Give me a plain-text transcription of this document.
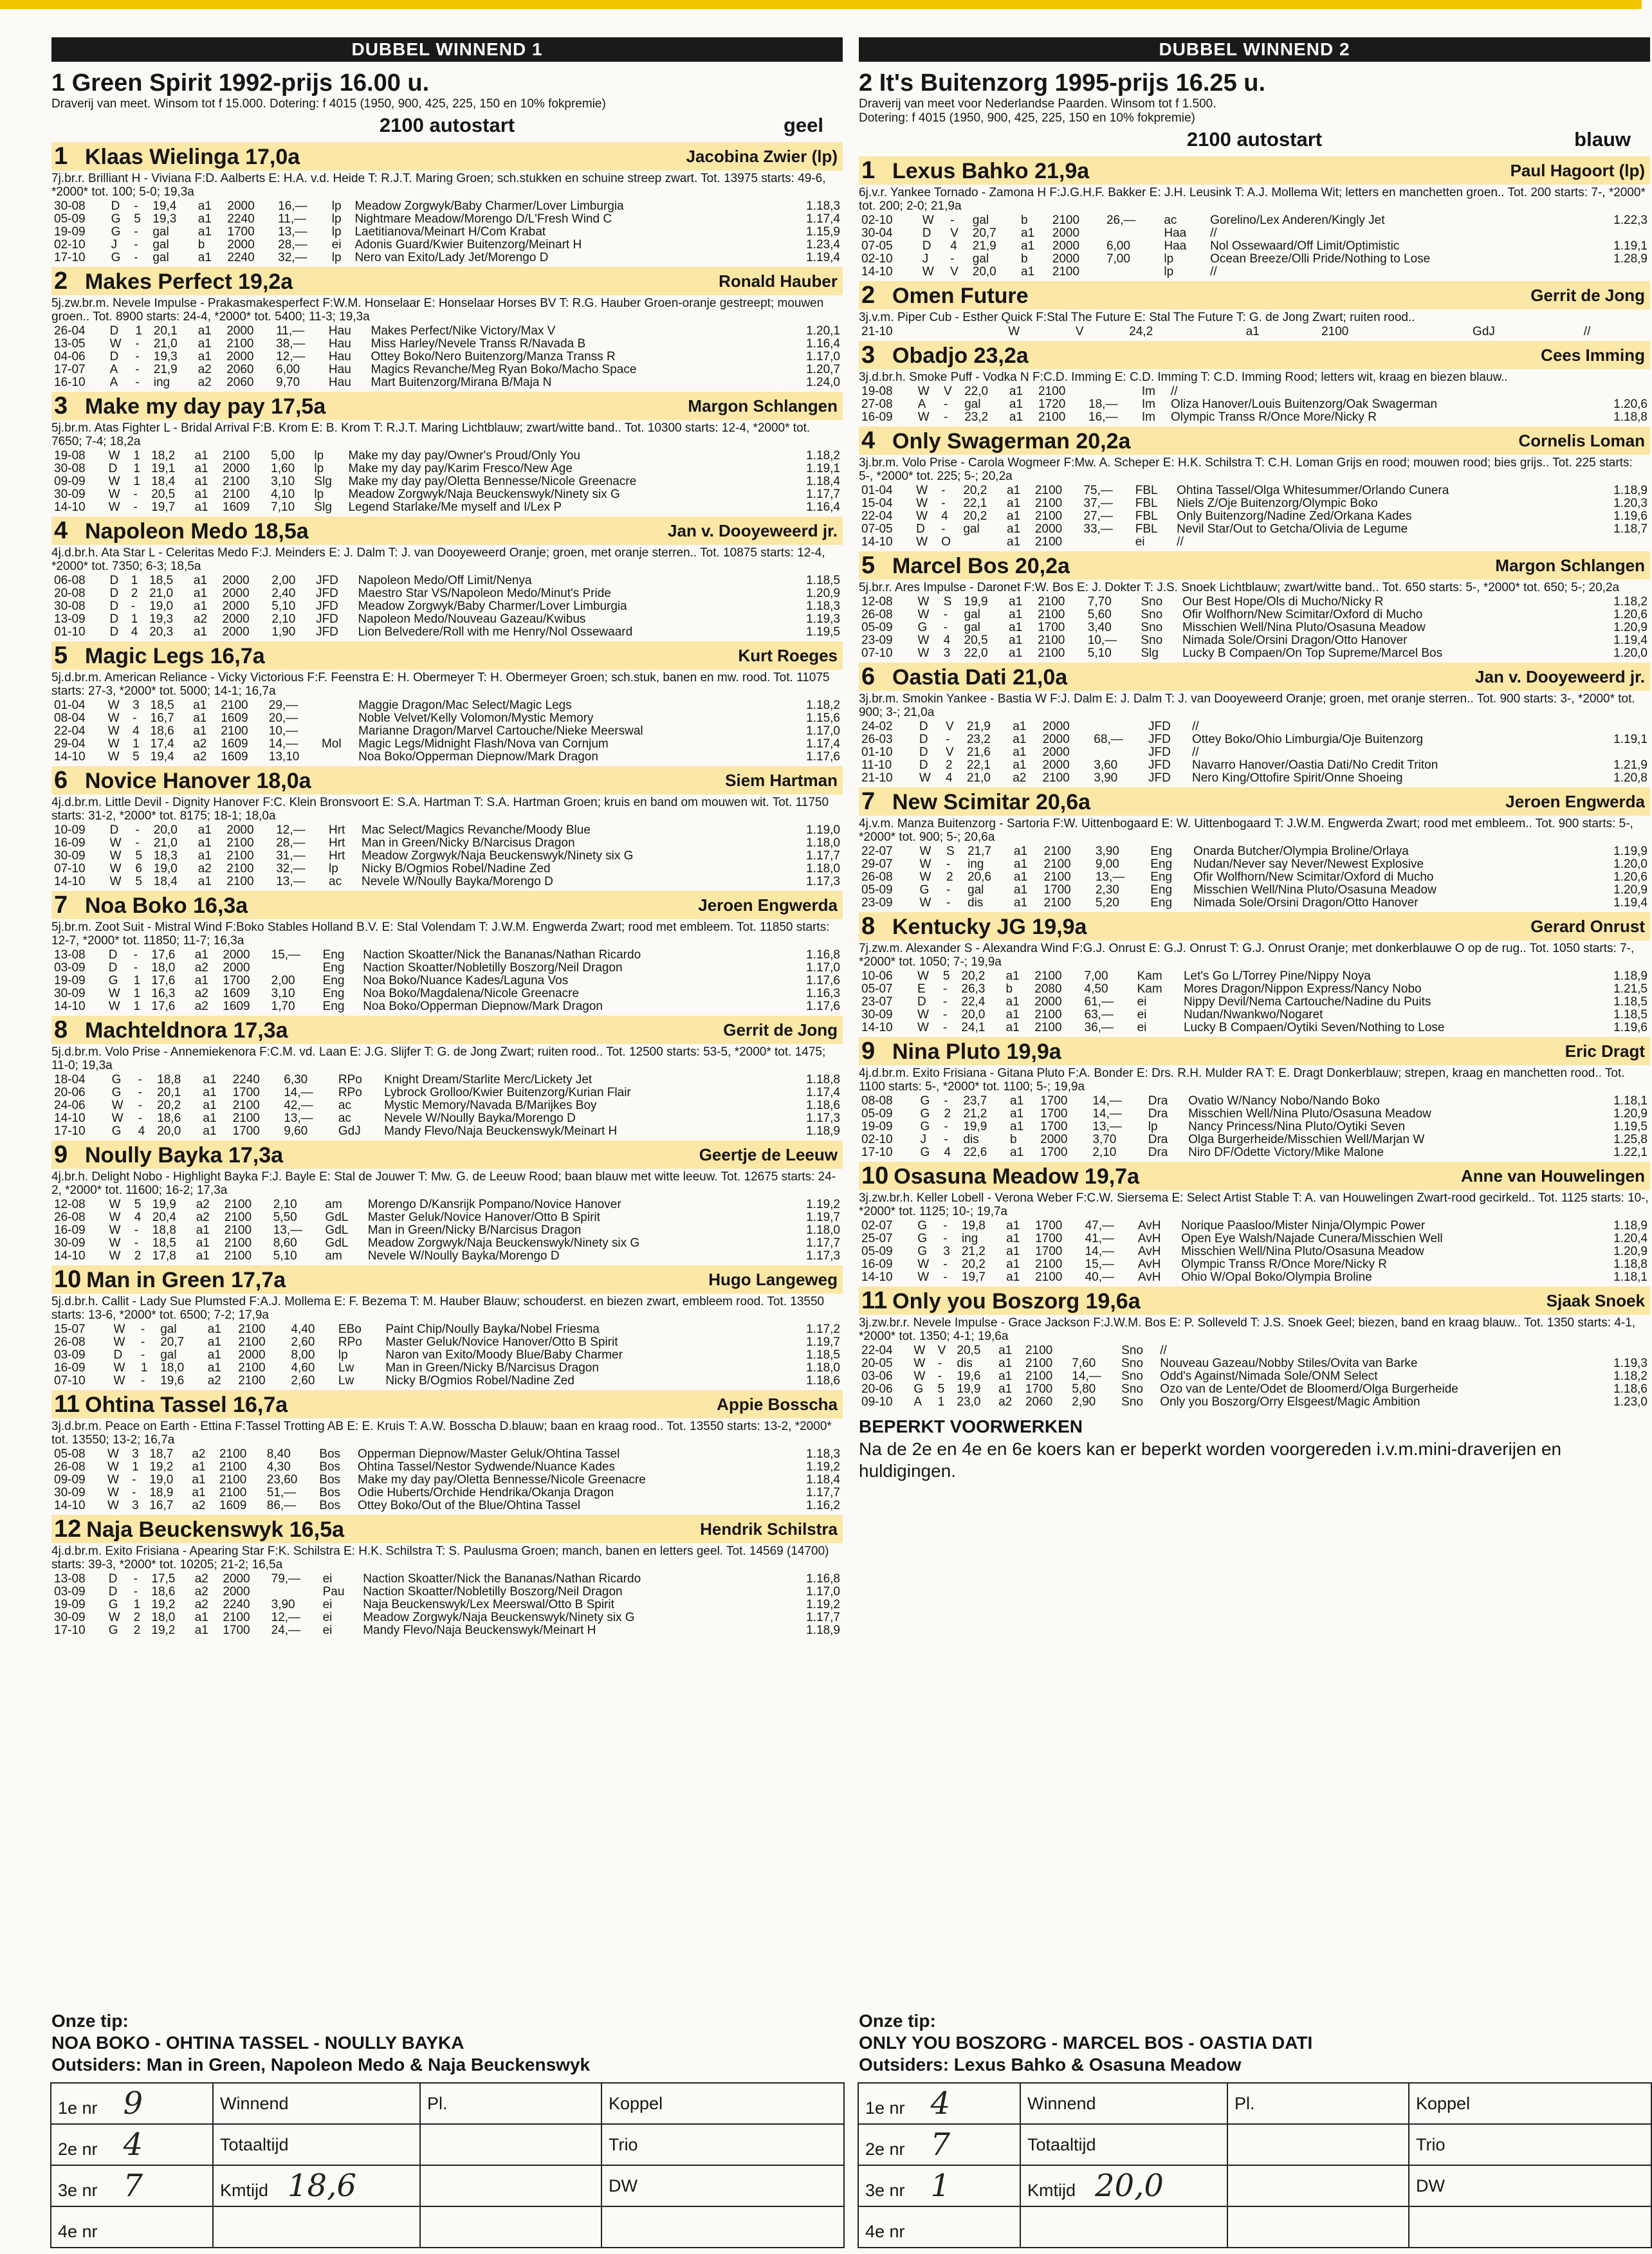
DUBBEL WINNEND 1
1 Green Spirit 1992-prijs 16.00 u.
Draverij van meet. Winsom tot f 15.000. Dotering: f 4015 (1950, 900, 425, 225, 150 en 10% fokpremie)
2100 autostart	geel
1 Klaas Wielinga 17,0a	Jacobina Zwier (lp)
7j.br.r. Brilliant H - Viviana F:D. Aalberts E: H.A. v.d. Heide T: R.J.T. Maring Groen; sch.stukken en schuine streep zwart. Tot. 13975 starts: 49-6, *2000* tot. 100; 5-0; 19,3a
30-08	D	-	19,4	a1	2000	16,—	lp	Meadow Zorgwyk/Baby Charmer/Lover Limburgia	1.18,3
05-09	G	5	19,3	a1	2240	11,—	lp	Nightmare Meadow/Morengo D/L'Fresh Wind C	1.17,4
19-09	G	-	gal	a1	1700	13,—	lp	Laetitianova/Meinart H/Com Krabat	1.15,9
02-10	J	-	gal	b	2000	28,—	ei	Adonis Guard/Kwier Buitenzorg/Meinart H	1.23,4
17-10	G	-	gal	a1	2240	32,—	lp	Nero van Exito/Lady Jet/Morengo D	1.19,4
2 Makes Perfect 19,2a	Ronald Hauber
5j.zw.br.m. Nevele Impulse - Prakasmakesperfect F:W.M. Honselaar E: Honselaar Horses BV T: R.G. Hauber Groen-oranje gestreept; mouwen groen.. Tot. 8900 starts: 24-4, *2000* tot. 5400; 11-3; 19,3a
26-04	D	1	20,1	a1	2000	11,—	Hau	Makes Perfect/Nike Victory/Max V	1.20,1
13-05	W	-	21,0	a1	2100	38,—	Hau	Miss Harley/Nevele Transs R/Navada B	1.16,4
04-06	D	-	19,3	a1	2000	12,—	Hau	Ottey Boko/Nero Buitenzorg/Manza Transs R	1.17,0
17-07	A	-	21,9	a2	2060	6,00	Hau	Magics Revanche/Meg Ryan Boko/Macho Space	1.20,7
16-10	A	-	ing	a2	2060	9,70	Hau	Mart Buitenzorg/Mirana B/Maja N	1.24,0
3 Make my day pay 17,5a	Margon Schlangen
5j.br.m. Atas Fighter L - Bridal Arrival F:B. Krom E: B. Krom T: R.J.T. Maring Lichtblauw; zwart/witte band.. Tot. 10300 starts: 12-4, *2000* tot. 7650; 7-4; 18,2a
19-08	W	1	18,2	a1	2100	5,00	lp	Make my day pay/Owner's Proud/Only You	1.18,2
30-08	D	1	19,1	a1	2000	1,60	lp	Make my day pay/Karim Fresco/New Age	1.19,1
09-09	W	1	18,4	a1	2100	3,10	Slg	Make my day pay/Oletta Bennesse/Nicole Greenacre	1.18,4
30-09	W	-	20,5	a1	2100	4,10	lp	Meadow Zorgwyk/Naja Beuckenswyk/Ninety six G	1.17,7
14-10	W	-	19,7	a1	1609	7,10	Slg	Legend Starlake/Me myself and I/Lex P	1.16,4
4 Napoleon Medo 18,5a	Jan v. Dooyeweerd jr.
4j.d.br.h. Ata Star L - Celeritas Medo F:J. Meinders E: J. Dalm T: J. van Dooyeweerd Oranje; groen, met oranje sterren.. Tot. 10875 starts: 12-4, *2000* tot. 7350; 6-3; 18,5a
06-08	D	1	18,5	a1	2000	2,00	JFD	Napoleon Medo/Off Limit/Nenya	1.18,5
20-08	D	2	21,0	a1	2000	2,40	JFD	Maestro Star VS/Napoleon Medo/Minut's Pride	1.20,9
30-08	D	-	19,0	a1	2000	5,10	JFD	Meadow Zorgwyk/Baby Charmer/Lover Limburgia	1.18,3
13-09	D	1	19,3	a2	2000	2,10	JFD	Napoleon Medo/Nouveau Gazeau/Kwibus	1.19,3
01-10	D	4	20,3	a1	2000	1,90	JFD	Lion Belvedere/Roll with me Henry/Nol Ossewaard	1.19,5
5 Magic Legs 16,7a	Kurt Roeges
5j.d.br.m. American Reliance - Vicky Victorious F:F. Feenstra E: H. Obermeyer T: H. Obermeyer Groen; sch.stuk, banen en mw. rood. Tot. 11075 starts: 27-3, *2000* tot. 5000; 14-1; 16,7a
01-04	W	3	18,5	a1	2100	29,—		Maggie Dragon/Mac Select/Magic Legs	1.18,2
08-04	W	-	16,7	a1	1609	20,—		Noble Velvet/Kelly Volomon/Mystic Memory	1.15,6
22-04	W	4	18,6	a1	2100	10,—		Marianne Dragon/Marvel Cartouche/Nieke Meerswal	1.17,0
29-04	W	1	17,4	a2	1609	14,—	Mol	Magic Legs/Midnight Flash/Nova van Cornjum	1.17,4
14-10	W	5	19,4	a2	1609	13,10		Noa Boko/Opperman Diepnow/Mark Dragon	1.17,6
6 Novice Hanover 18,0a	Siem Hartman
4j.d.br.m. Little Devil - Dignity Hanover F:C. Klein Bronsvoort E: S.A. Hartman T: S.A. Hartman Groen; kruis en band om mouwen wit. Tot. 11750 starts: 31-2, *2000* tot. 8175; 18-1; 18,0a
10-09	D	-	20,0	a1	2000	12,—	Hrt	Mac Select/Magics Revanche/Moody Blue	1.19,0
16-09	W	-	21,0	a1	2100	28,—	Hrt	Man in Green/Nicky B/Narcisus Dragon	1.18,0
30-09	W	5	18,3	a1	2100	31,—	Hrt	Meadow Zorgwyk/Naja Beuckenswyk/Ninety six G	1.17,7
07-10	W	6	19,0	a2	2100	32,—	lp	Nicky B/Ogmios Robel/Nadine Zed	1.18,0
14-10	W	5	18,4	a1	2100	13,—	ac	Nevele W/Noully Bayka/Morengo D	1.17,3
7 Noa Boko 16,3a	Jeroen Engwerda
5j.br.m. Zoot Suit - Mistral Wind F:Boko Stables Holland B.V. E: Stal Volendam T: J.W.M. Engwerda Zwart; rood met embleem. Tot. 11850 starts: 12-7, *2000* tot. 11850; 11-7; 16,3a
13-08	D	-	17,6	a1	2000	15,—	Eng	Naction Skoatter/Nick the Bananas/Nathan Ricardo	1.16,8
03-09	D	-	18,0	a2	2000		Eng	Naction Skoatter/Nobletilly Boszorg/Neil Dragon	1.17,0
19-09	G	1	17,6	a1	1700	2,00	Eng	Noa Boko/Nuance Kades/Laguna Vos	1.17,6
30-09	W	1	16,3	a2	1609	3,10	Eng	Noa Boko/Magdalena/Nicole Greenacre	1.16,3
14-10	W	1	17,6	a2	1609	1,70	Eng	Noa Boko/Opperman Diepnow/Mark Dragon	1.17,6
8 Machteldnora 17,3a	Gerrit de Jong
5j.d.br.m. Volo Prise - Annemiekenora F:C.M. vd. Laan E: J.G. Slijfer T: G. de Jong Zwart; ruiten rood.. Tot. 12500 starts: 53-5, *2000* tot. 1475; 11-0; 19,3a
18-04	G	-	18,8	a1	2240	6,30	RPo	Knight Dream/Starlite Merc/Lickety Jet	1.18,8
20-06	G	-	20,1	a1	1700	14,—	RPo	Lybrock Grolloo/Kwier Buitenzorg/Kurian Flair	1.17,4
24-06	W	-	20,2	a1	2100	42,—	ac	Mystic Memory/Navada B/Marijkes Boy	1.18,6
14-10	W	-	18,6	a1	2100	13,—	ac	Nevele W/Noully Bayka/Morengo D	1.17,3
17-10	G	4	20,0	a1	1700	9,60	GdJ	Mandy Flevo/Naja Beuckenswyk/Meinart H	1.18,9
9 Noully Bayka 17,3a	Geertje de Leeuw
4j.br.h. Delight Nobo - Highlight Bayka F:J. Bayle E: Stal de Jouwer T: Mw. G. de Leeuw Rood; baan blauw met witte leeuw. Tot. 12675 starts: 24-2, *2000* tot. 11600; 16-2; 17,3a
12-08	W	5	19,9	a2	2100	2,10	am	Morengo D/Kansrijk Pompano/Novice Hanover	1.19,2
26-08	W	4	20,4	a2	2100	5,50	GdL	Master Geluk/Novice Hanover/Otto B Spirit	1.19,7
16-09	W	-	18,8	a1	2100	13,—	GdL	Man in Green/Nicky B/Narcisus Dragon	1.18,0
30-09	W	-	18,5	a1	2100	8,60	GdL	Meadow Zorgwyk/Naja Beuckenswyk/Ninety six G	1.17,7
14-10	W	2	17,8	a1	2100	5,10	am	Nevele W/Noully Bayka/Morengo D	1.17,3
10 Man in Green 17,7a	Hugo Langeweg
5j.d.br.h. Callit - Lady Sue Plumsted F:A.J. Mollema E: F. Bezema T: M. Hauber Blauw; schouderst. en biezen zwart, embleem rood. Tot. 13550 starts: 13-6, *2000* tot. 6500; 7-2; 17,9a
15-07	W	-	gal	a1	2100	4,40	EBo	Paint Chip/Noully Bayka/Nobel Friesma	1.17,2
26-08	W	-	20,7	a1	2100	2,60	RPo	Master Geluk/Novice Hanover/Otto B Spirit	1.19,7
03-09	D	-	gal	a1	2000	8,00	lp	Naron van Exito/Moody Blue/Baby Charmer	1.18,5
16-09	W	1	18,0	a1	2100	4,60	Lw	Man in Green/Nicky B/Narcisus Dragon	1.18,0
07-10	W	-	19,6	a2	2100	2,60	Lw	Nicky B/Ogmios Robel/Nadine Zed	1.18,6
11 Ohtina Tassel 16,7a	Appie Bosscha
3j.d.br.m. Peace on Earth - Ettina F:Tassel Trotting AB E: E. Kruis T: A.W. Bosscha D.blauw; baan en kraag rood.. Tot. 13550 starts: 13-2, *2000* tot. 13550; 13-2; 16,7a
05-08	W	3	18,7	a2	2100	8,40	Bos	Opperman Diepnow/Master Geluk/Ohtina Tassel	1.18,3
26-08	W	1	19,2	a1	2100	4,30	Bos	Ohtina Tassel/Nestor Sydwende/Nuance Kades	1.19,2
09-09	W	-	19,0	a1	2100	23,60	Bos	Make my day pay/Oletta Bennesse/Nicole Greenacre	1.18,4
30-09	W	-	18,9	a1	2100	51,—	Bos	Odie Huberts/Orchide Hendrika/Okanja Dragon	1.17,7
14-10	W	3	16,7	a2	1609	86,—	Bos	Ottey Boko/Out of the Blue/Ohtina Tassel	1.16,2
12 Naja Beuckenswyk 16,5a	Hendrik Schilstra
4j.d.br.m. Exito Frisiana - Apearing Star F:K. Schilstra E: H.K. Schilstra T: S. Paulusma Groen; manch, banen en letters geel. Tot. 14569 (14700) starts: 39-3, *2000* tot. 10205; 21-2; 16,5a
13-08	D	-	17,5	a2	2000	79,—	ei	Naction Skoatter/Nick the Bananas/Nathan Ricardo	1.16,8
03-09	D	-	18,6	a2	2000		Pau	Naction Skoatter/Nobletilly Boszorg/Neil Dragon	1.17,0
19-09	G	1	19,2	a2	2240	3,90	ei	Naja Beuckenswyk/Lex Meerswal/Otto B Spirit	1.19,2
30-09	W	2	18,0	a1	2100	12,—	ei	Meadow Zorgwyk/Naja Beuckenswyk/Ninety six G	1.17,7
17-10	G	2	19,2	a1	1700	24,—	ei	Mandy Flevo/Naja Beuckenswyk/Meinart H	1.18,9
DUBBEL WINNEND 2
2 It's Buitenzorg 1995-prijs 16.25 u.
Draverij van meet voor Nederlandse Paarden. Winsom tot f 1.500.
Dotering: f 4015 (1950, 900, 425, 225, 150 en 10% fokpremie)
2100 autostart	blauw
1 Lexus Bahko 21,9a	Paul Hagoort (lp)
6j.v.r. Yankee Tornado - Zamona H F:J.G.H.F. Bakker E: J.H. Leusink T: A.J. Mollema Wit; letters en manchetten groen.. Tot. 200 starts: 7-, *2000* tot. 200; 2-0; 21,9a
02-10	W	-	gal	b	2100	26,—	ac	Gorelino/Lex Anderen/Kingly Jet	1.22,3
30-04	D	V	20,7	a1	2000		Haa	//	
07-05	D	4	21,9	a1	2000	6,00	Haa	Nol Ossewaard/Off Limit/Optimistic	1.19,1
02-10	J	-	gal	b	2000	7,00	lp	Ocean Breeze/Olli Pride/Nothing to Lose	1.28,9
14-10	W	V	20,0	a1	2100		lp	//	
2 Omen Future	Gerrit de Jong
3j.v.m. Piper Cub - Esther Quick F:Stal The Future E: Stal The Future T: G. de Jong Zwart; ruiten rood..
21-10	W	V	24,2	a1	2100		GdJ	//	
3 Obadjo 23,2a	Cees Imming
3j.d.br.h. Smoke Puff - Vodka N F:C.D. Imming E: C.D. Imming T: C.D. Imming Rood; letters wit, kraag en biezen blauw..
19-08	W	V	22,0	a1	2100		Im	//	
27-08	A	-	gal	a1	1720	18,—	Im	Oliza Hanover/Louis Buitenzorg/Oak Swagerman	1.20,6
16-09	W	-	23,2	a1	2100	16,—	Im	Olympic Transs R/Once More/Nicky R	1.18,8
4 Only Swagerman 20,2a	Cornelis Loman
3j.br.m. Volo Prise - Carola Wogmeer F:Mw. A. Scheper E: H.K. Schilstra T: C.H. Loman Grijs en rood; mouwen rood; bies grijs.. Tot. 225 starts: 5-, *2000* tot. 225; 5-; 20,2a
01-04	W	-	20,2	a1	2100	75,—	FBL	Ohtina Tassel/Olga Whitesummer/Orlando Cunera	1.18,9
15-04	W	-	22,1	a1	2100	37,—	FBL	Niels Z/Oje Buitenzorg/Olympic Boko	1.20,3
22-04	W	4	20,2	a1	2100	27,—	FBL	Only Buitenzorg/Nadine Zed/Orkana Kades	1.19,6
07-05	D	-	gal	a1	2000	33,—	FBL	Nevil Star/Out to Getcha/Olivia de Legume	1.18,7
14-10	W	O		a1	2100		ei	//	
5 Marcel Bos 20,2a	Margon Schlangen
5j.br.r. Ares Impulse - Daronet F:W. Bos E: J. Dokter T: J.S. Snoek Lichtblauw; zwart/witte band.. Tot. 650 starts: 5-, *2000* tot. 650; 5-; 20,2a
12-08	W	S	19,9	a1	2100	7,70	Sno	Our Best Hope/Ols di Mucho/Nicky R	1.18,2
26-08	W	-	gal	a1	2100	5,60	Sno	Ofir Wolfhorn/New Scimitar/Oxford di Mucho	1.20,6
05-09	G	-	gal	a1	1700	3,40	Sno	Misschien Well/Nina Pluto/Osasuna Meadow	1.20,9
23-09	W	4	20,5	a1	2100	10,—	Sno	Nimada Sole/Orsini Dragon/Otto Hanover	1.19,4
07-10	W	3	22,0	a1	2100	5,10	Slg	Lucky B Compaen/On Top Supreme/Marcel Bos	1.20,0
6 Oastia Dati 21,0a	Jan v. Dooyeweerd jr.
3j.br.m. Smokin Yankee - Bastia W F:J. Dalm E: J. Dalm T: J. van Dooyeweerd Oranje; groen, met oranje sterren.. Tot. 900 starts: 3-, *2000* tot. 900; 3-; 21,0a
24-02	D	V	21,9	a1	2000		JFD	//	
26-03	D	-	23,2	a1	2000	68,—	JFD	Ottey Boko/Ohio Limburgia/Oje Buitenzorg	1.19,1
01-10	D	V	21,6	a1	2000		JFD	//	
11-10	D	2	22,1	a1	2000	3,60	JFD	Navarro Hanover/Oastia Dati/No Credit Triton	1.21,9
21-10	W	4	21,0	a2	2100	3,90	JFD	Nero King/Ottofire Spirit/Onne Shoeing	1.20,8
7 New Scimitar 20,6a	Jeroen Engwerda
4j.v.m. Manza Buitenzorg - Sartoria F:W. Uittenbogaard E: W. Uittenbogaard T: J.W.M. Engwerda Zwart; rood met embleem.. Tot. 900 starts: 5-, *2000* tot. 900; 5-; 20,6a
22-07	W	S	21,7	a1	2100	3,90	Eng	Onarda Butcher/Olympia Broline/Orlaya	1.19,9
29-07	W	-	ing	a1	2100	9,00	Eng	Nudan/Never say Never/Newest Explosive	1.20,0
26-08	W	2	20,6	a1	2100	13,—	Eng	Ofir Wolfhorn/New Scimitar/Oxford di Mucho	1.20,6
05-09	G	-	gal	a1	1700	2,30	Eng	Misschien Well/Nina Pluto/Osasuna Meadow	1.20,9
23-09	W	-	dis	a1	2100	5,20	Eng	Nimada Sole/Orsini Dragon/Otto Hanover	1.19,4
8 Kentucky JG 19,9a	Gerard Onrust
7j.zw.m. Alexander S - Alexandra Wind F:G.J. Onrust E: G.J. Onrust T: G.J. Onrust Oranje; met donkerblauwe O op de rug.. Tot. 1050 starts: 7-, *2000* tot. 1050; 7-; 19,9a
10-06	W	5	20,2	a1	2100	7,00	Kam	Let's Go L/Torrey Pine/Nippy Noya	1.18,9
05-07	E	-	26,3	b	2080	4,50	Kam	Mores Dragon/Nippon Express/Nancy Nobo	1.21,5
23-07	D	-	22,4	a1	2000	61,—	ei	Nippy Devil/Nema Cartouche/Nadine du Puits	1.18,5
30-09	W	-	20,0	a1	2100	63,—	ei	Nudan/Nwankwo/Nogaret	1.18,5
14-10	W	-	24,1	a1	2100	36,—	ei	Lucky B Compaen/Oytiki Seven/Nothing to Lose	1.19,6
9 Nina Pluto 19,9a	Eric Dragt
4j.d.br.m. Exito Frisiana - Gitana Pluto F:A. Bonder E: Drs. R.H. Mulder RA T: E. Dragt Donkerblauw; strepen, kraag en manchetten rood.. Tot. 1100 starts: 5-, *2000* tot. 1100; 5-; 19,9a
08-08	G	-	23,7	a1	1700	14,—	Dra	Ovatio W/Nancy Nobo/Nando Boko	1.18,1
05-09	G	2	21,2	a1	1700	14,—	Dra	Misschien Well/Nina Pluto/Osasuna Meadow	1.20,9
19-09	G	-	19,9	a1	1700	13,—	lp	Nancy Princess/Nina Pluto/Oytiki Seven	1.19,5
02-10	J	-	dis	b	2000	3,70	Dra	Olga Burgerheide/Misschien Well/Marjan W	1.25,8
17-10	G	4	22,6	a1	1700	2,10	Dra	Niro DF/Odette Victory/Mike Malone	1.22,1
10 Osasuna Meadow 19,7a	Anne van Houwelingen
3j.zw.br.h. Keller Lobell - Verona Weber F:C.W. Siersema E: Select Artist Stable T: A. van Houwelingen Zwart-rood gecirkeld.. Tot. 1125 starts: 10-, *2000* tot. 1125; 10-; 19,7a
02-07	G	-	19,8	a1	1700	47,—	AvH	Norique Paasloo/Mister Ninja/Olympic Power	1.18,9
25-07	G	-	ing	a1	1700	41,—	AvH	Open Eye Walsh/Najade Cunera/Misschien Well	1.20,4
05-09	G	3	21,2	a1	1700	14,—	AvH	Misschien Well/Nina Pluto/Osasuna Meadow	1.20,9
16-09	W	-	20,2	a1	2100	15,—	AvH	Olympic Transs R/Once More/Nicky R	1.18,8
14-10	W	-	19,7	a1	2100	40,—	AvH	Ohio W/Opal Boko/Olympia Broline	1.18,1
11 Only you Boszorg 19,6a	Sjaak Snoek
3j.zw.br.r. Nevele Impulse - Grace Jackson F:J.W.M. Bos E: P. Solleveld T: J.S. Snoek Geel; biezen, band en kraag blauw.. Tot. 1350 starts: 4-1, *2000* tot. 1350; 4-1; 19,6a
22-04	W	V	20,5	a1	2100		Sno	//	
20-05	W	-	dis	a1	2100	7,60	Sno	Nouveau Gazeau/Nobby Stiles/Ovita van Barke	1.19,3
03-06	W	-	19,6	a1	2100	14,—	Sno	Odd's Against/Nimada Sole/ONM Select	1.18,2
20-06	G	5	19,9	a1	1700	5,80	Sno	Ozo van de Lente/Odet de Bloomerd/Olga Burgerheide	1.18,6
09-10	A	1	23,0	a2	2060	2,90	Sno	Only you Boszorg/Orry Elsgeest/Magic Ambition	1.23,0
BEPERKT VOORWERKEN

Na de 2e en 4e en 6e koers kan er beperkt worden voorgereden i.v.m.mini-draverijen en huldigingen.

Onze tip:
NOA BOKO - OHTINA TASSEL - NOULLY BAYKA
Outsiders: Man in Green, Napoleon Medo & Naja Beuckenswyk
Onze tip:
ONLY YOU BOSZORG - MARCEL BOS - OASTIA DATI
Outsiders: Lexus Bahko & Osasuna Meadow
1e nr 9	Winnend	Pl.	Koppel
2e nr 4	Totaaltijd		Trio
3e nr 7	Kmtijd 18,6		DW
4e nr			
1e nr 4	Winnend	Pl.	Koppel
2e nr 7	Totaaltijd		Trio
3e nr 1	Kmtijd 20,0		DW
4e nr			
